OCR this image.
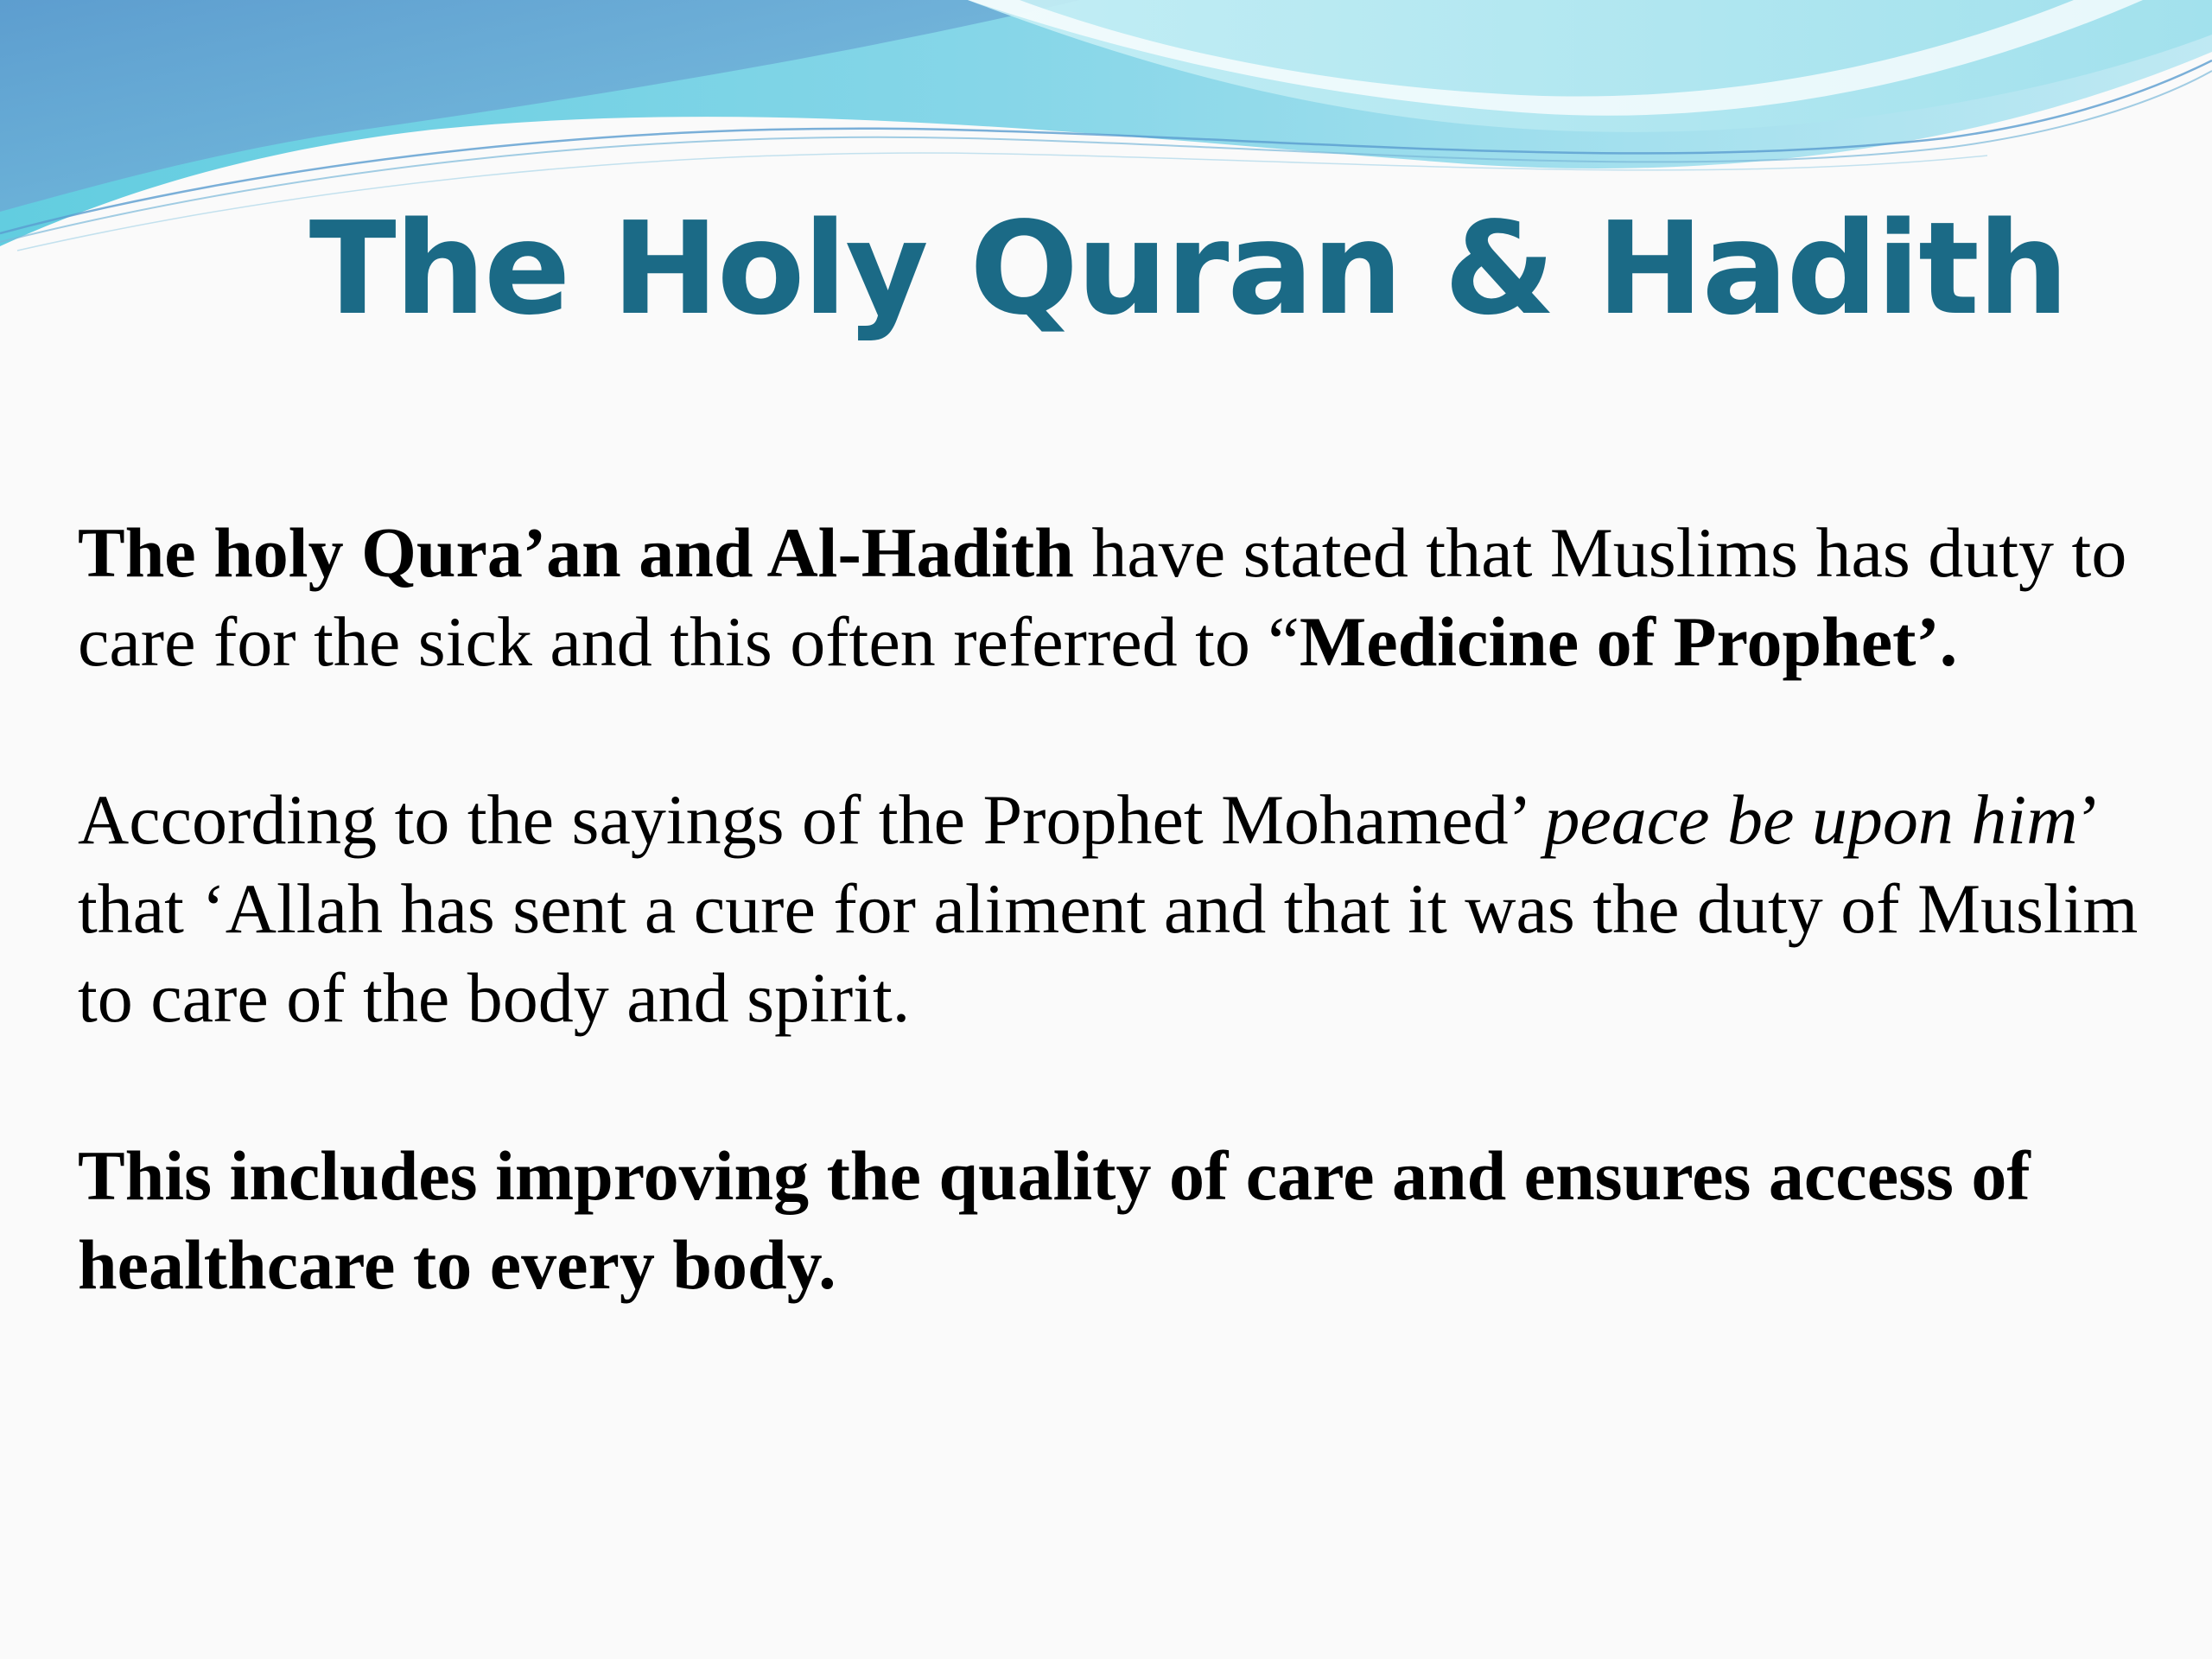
The Holy Quran & Hadith

The holy Qura’an and Al-Hadith have stated that Muslims has duty to care for the sick and this often referred to “Medicine of Prophet’.

According to the sayings of the Prophet Mohamed’ peace be upon him’ that ‘Allah has sent a cure for aliment and that it was the duty of Muslim to care of the body and spirit.

This includes improving the quality of care and ensures access of healthcare to every body.
